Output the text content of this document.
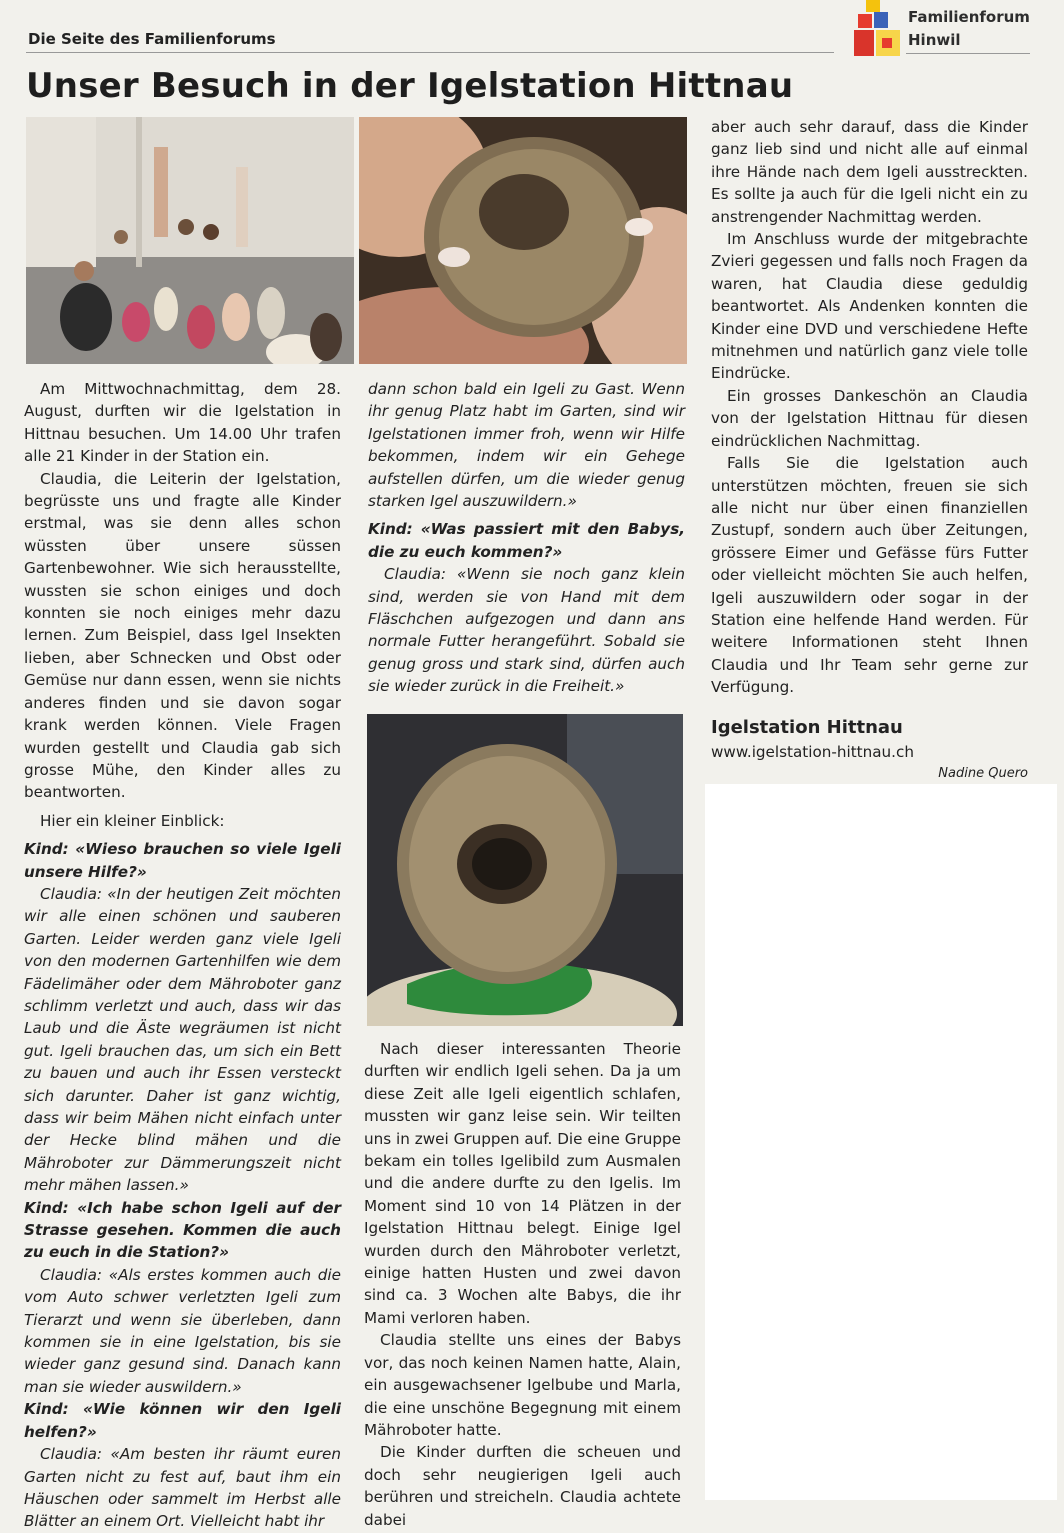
Die Seite des Familienforums
Familienforum
Hinwil
Unser Besuch in der Igelstation Hittnau

Am Mittwochnachmittag, dem 28. August, durften wir die Igelstation in Hittnau besuchen. Um 14.00 Uhr trafen alle 21 Kinder in der Station ein.

Claudia, die Leiterin der Igelstation, begrüsste uns und fragte alle Kinder erstmal, was sie denn alles schon wüssten über unsere süssen Gartenbewohner. Wie sich herausstellte, wussten sie schon einiges und doch konnten sie noch einiges mehr dazu lernen. Zum Beispiel, dass Igel Insekten lieben, aber Schnecken und Obst oder Gemüse nur dann essen, wenn sie nichts anderes finden und sie davon sogar krank werden können. Viele Fragen wurden gestellt und Claudia gab sich grosse Mühe, den Kinder alles zu beantworten.

Hier ein kleiner Einblick:

Kind: «Wieso brauchen so viele Igeli unsere Hilfe?»

Claudia: «In der heutigen Zeit möchten wir alle einen schönen und sauberen Garten. Leider werden ganz viele Igeli von den modernen Gartenhilfen wie dem Fädelimäher oder dem Mähroboter ganz schlimm verletzt und auch, dass wir das Laub und die Äste wegräumen ist nicht gut. Igeli brauchen das, um sich ein Bett zu bauen und auch ihr Essen versteckt sich darunter. Daher ist ganz wichtig, dass wir beim Mähen nicht einfach unter der Hecke blind mähen und die Mähroboter zur Dämmerungszeit nicht mehr mähen lassen.»

Kind: «Ich habe schon Igeli auf der Strasse gesehen. Kommen die auch zu euch in die Station?»

Claudia: «Als erstes kommen auch die vom Auto schwer verletzten Igeli zum Tierarzt und wenn sie überleben, dann kommen sie in eine Igelstation, bis sie wieder ganz gesund sind. Danach kann man sie wieder auswildern.»

Kind: «Wie können wir den Igeli helfen?»

Claudia: «Am besten ihr räumt euren Garten nicht zu fest auf, baut ihm ein Häuschen oder sammelt im Herbst alle Blätter an einem Ort. Vielleicht habt ihr

dann schon bald ein Igeli zu Gast. Wenn ihr genug Platz habt im Garten, sind wir Igelstationen immer froh, wenn wir Hilfe bekommen, indem wir ein Gehege aufstellen dürfen, um die wieder genug starken Igel auszuwildern.»

Kind: «Was passiert mit den Babys, die zu euch kommen?»

Claudia: «Wenn sie noch ganz klein sind, werden sie von Hand mit dem Fläschchen aufgezogen und dann ans normale Futter herangeführt. Sobald sie genug gross und stark sind, dürfen auch sie wieder zurück in die Freiheit.»

Nach dieser interessanten Theorie durften wir endlich Igeli sehen. Da ja um diese Zeit alle Igeli eigentlich schlafen, mussten wir ganz leise sein. Wir teilten uns in zwei Gruppen auf. Die eine Gruppe bekam ein tolles Igelibild zum Ausmalen und die andere durfte zu den Igelis. Im Moment sind 10 von 14 Plätzen in der Igelstation Hittnau belegt. Einige Igel wurden durch den Mähroboter verletzt, einige hatten Husten und zwei davon sind ca. 3 Wochen alte Babys, die ihr Mami verloren haben.

Claudia stellte uns eines der Babys vor, das noch keinen Namen hatte, Alain, ein ausgewachsener Igelbube und Marla, die eine unschöne Begegnung mit einem Mähroboter hatte.

Die Kinder durften die scheuen und doch sehr neugierigen Igeli auch berühren und streicheln. Claudia achtete dabei

aber auch sehr darauf, dass die Kinder ganz lieb sind und nicht alle auf einmal ihre Hände nach dem Igeli ausstreckten. Es sollte ja auch für die Igeli nicht ein zu anstrengender Nachmittag werden.

Im Anschluss wurde der mitgebrachte Zvieri gegessen und falls noch Fragen da waren, hat Claudia diese geduldig beantwortet. Als Andenken konnten die Kinder eine DVD und verschiedene Hefte mitnehmen und natürlich ganz viele tolle Eindrücke.

Ein grosses Dankeschön an Claudia von der Igelstation Hittnau für diesen eindrücklichen Nachmittag.

Falls Sie die Igelstation auch unterstützen möchten, freuen sie sich alle nicht nur über einen finanziellen Zustupf, sondern auch über Zeitungen, grössere Eimer und Gefässe fürs Futter oder vielleicht möchten Sie auch helfen, Igeli auszuwildern oder sogar in der Station eine helfende Hand werden. Für weitere Informationen steht Ihnen Claudia und Ihr Team sehr gerne zur Verfügung.

Igelstation Hittnau

www.igelstation-hittnau.ch

Nadine Quero
